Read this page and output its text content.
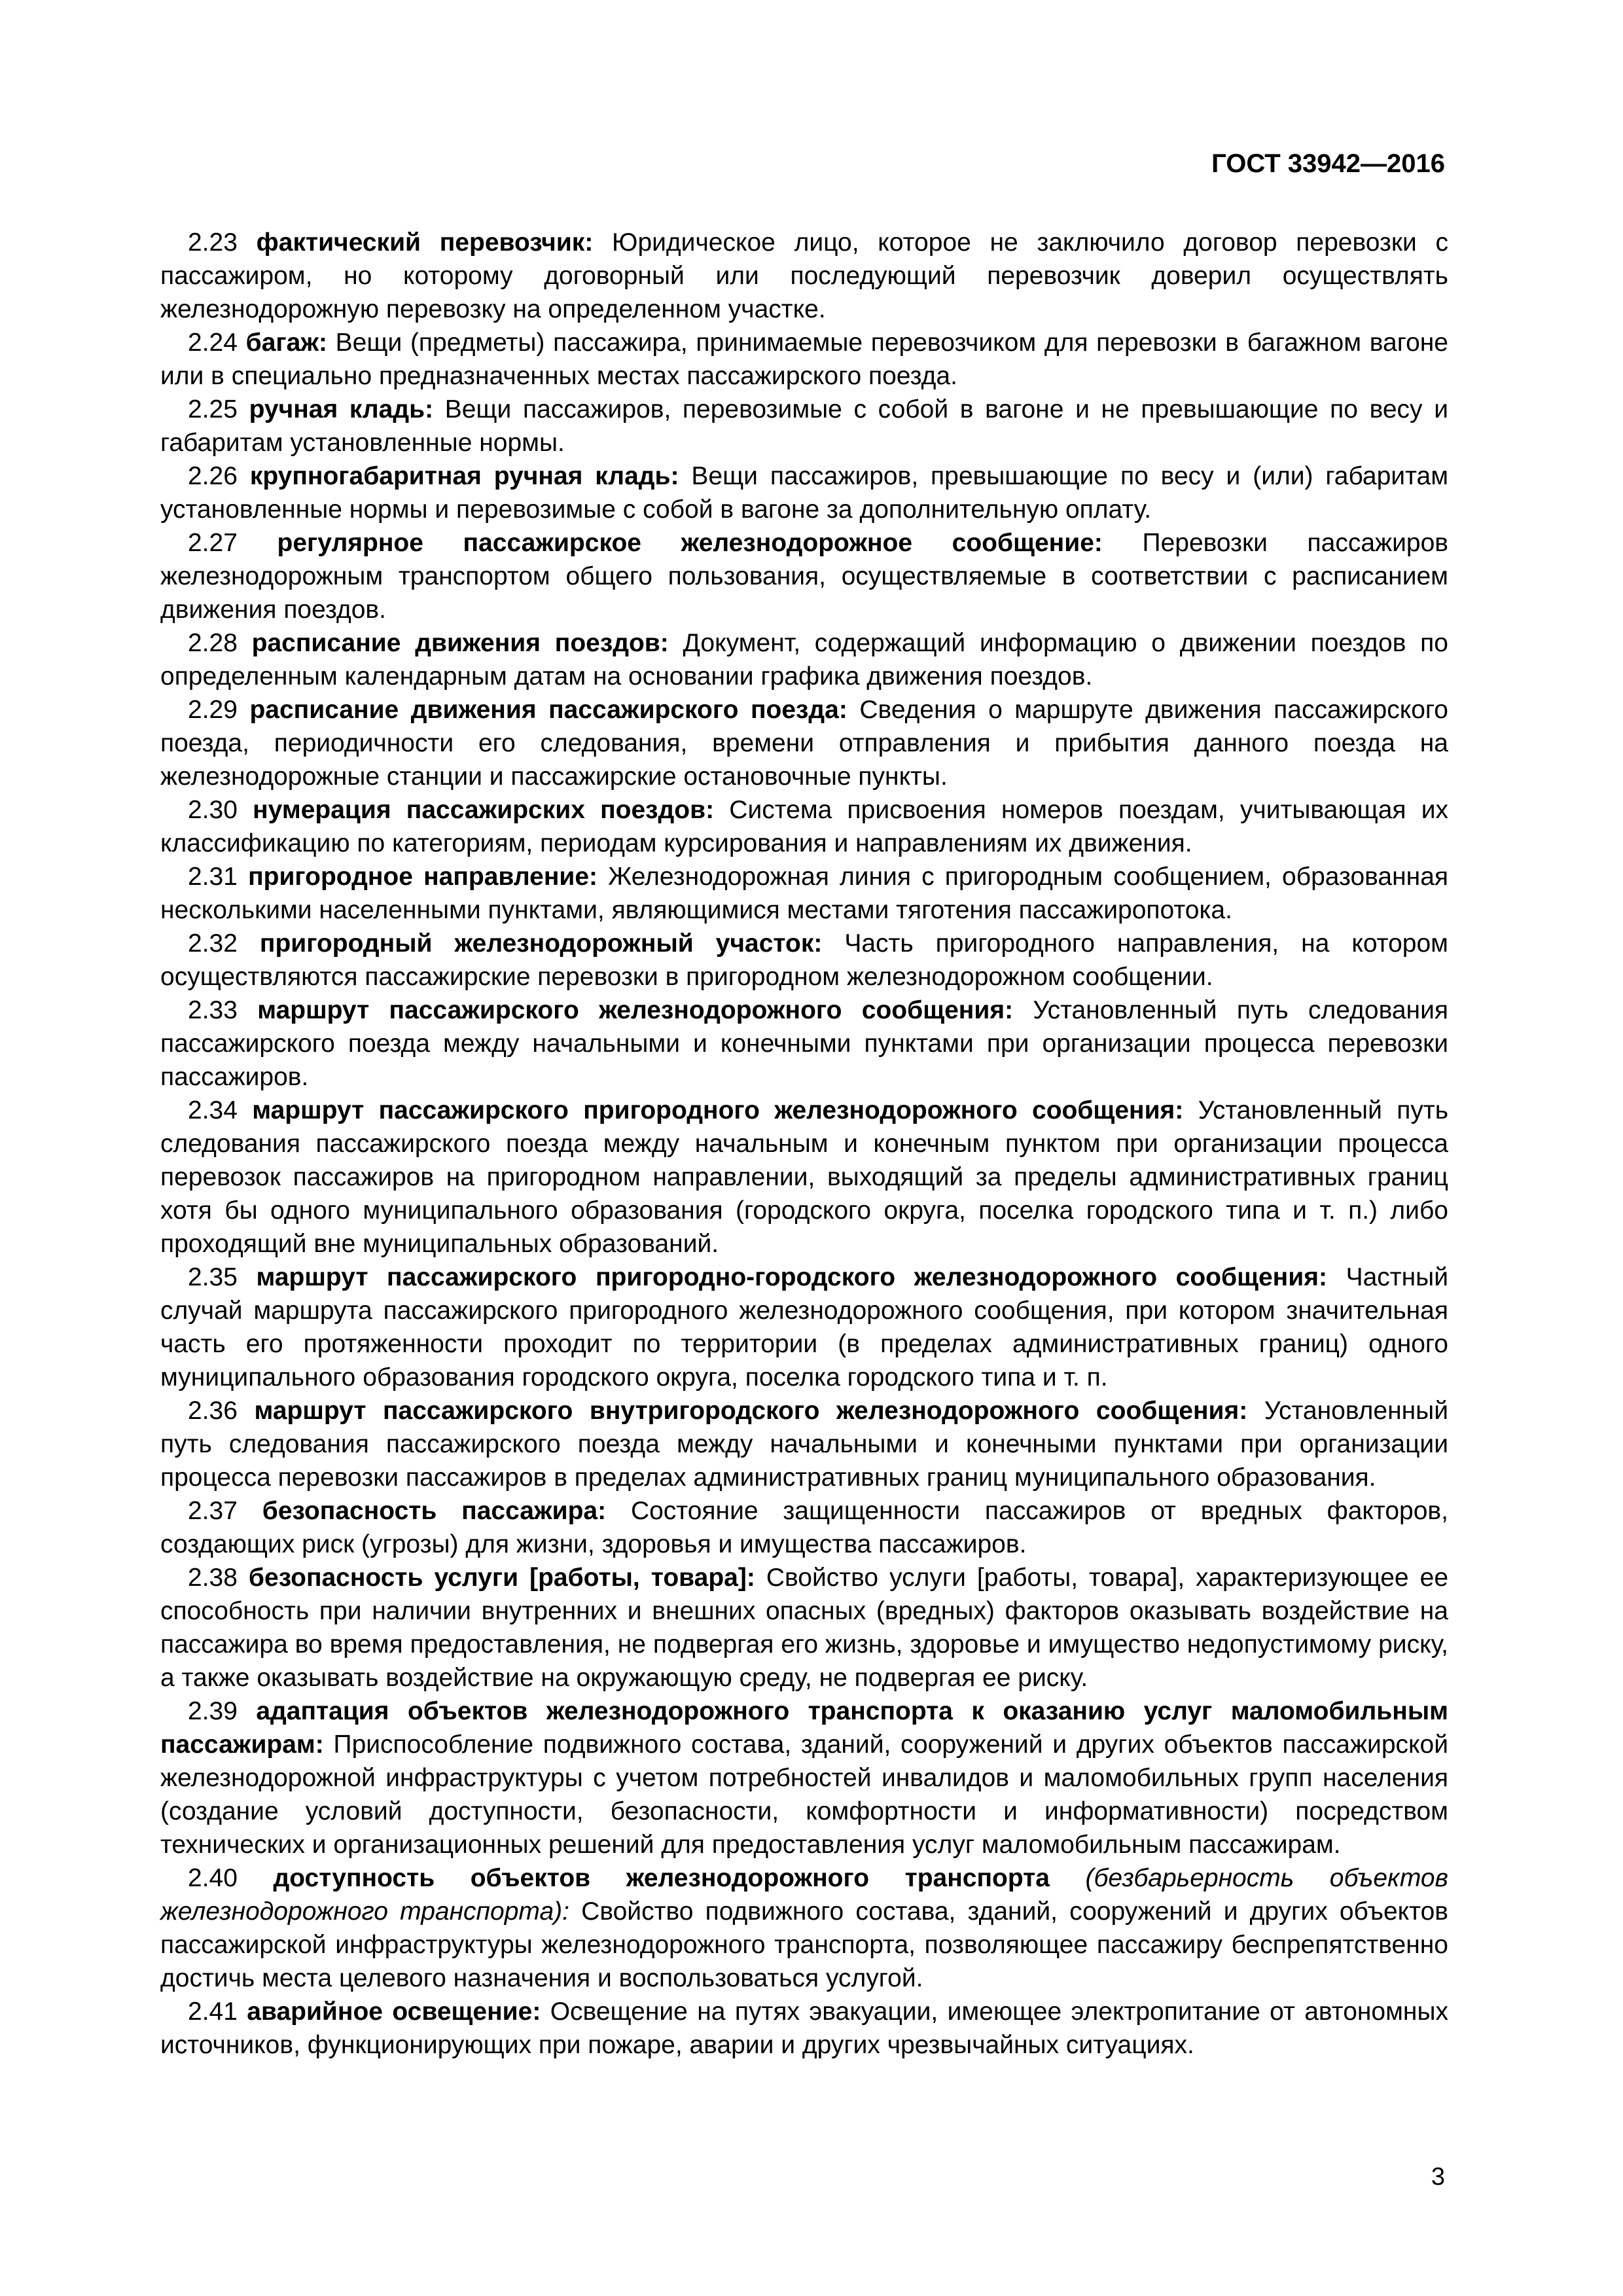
ГОСТ 33942—2016

2.23 фактический перевозчик: Юридическое лицо, которое не заключило договор перевозки с пассажиром, но которому договорный или последующий перевозчик доверил осуществлять железнодорожную перевозку на определенном участке.

2.24 багаж: Вещи (предметы) пассажира, принимаемые перевозчиком для перевозки в багажном вагоне или в специально предназначенных местах пассажирского поезда.

2.25 ручная кладь: Вещи пассажиров, перевозимые с собой в вагоне и не превышающие по весу и габаритам установленные нормы.

2.26 крупногабаритная ручная кладь: Вещи пассажиров, превышающие по весу и (или) габаритам установленные нормы и перевозимые с собой в вагоне за дополнительную оплату.

2.27 регулярное пассажирское железнодорожное сообщение: Перевозки пассажиров железнодорожным транспортом общего пользования, осуществляемые в соответствии с расписанием движения поездов.

2.28 расписание движения поездов: Документ, содержащий информацию о движении поездов по определенным календарным датам на основании графика движения поездов.

2.29 расписание движения пассажирского поезда: Сведения о маршруте движения пассажирского поезда, периодичности его следования, времени отправления и прибытия данного поезда на железнодорожные станции и пассажирские остановочные пункты.

2.30 нумерация пассажирских поездов: Система присвоения номеров поездам, учитывающая их классификацию по категориям, периодам курсирования и направлениям их движения.

2.31 пригородное направление: Железнодорожная линия с пригородным сообщением, образованная несколькими населенными пунктами, являющимися местами тяготения пассажиропотока.

2.32 пригородный железнодорожный участок: Часть пригородного направления, на котором осуществляются пассажирские перевозки в пригородном железнодорожном сообщении.

2.33 маршрут пассажирского железнодорожного сообщения: Установленный путь следования пассажирского поезда между начальными и конечными пунктами при организации процесса перевозки пассажиров.

2.34 маршрут пассажирского пригородного железнодорожного сообщения: Установленный путь следования пассажирского поезда между начальным и конечным пунктом при организации процесса перевозок пассажиров на пригородном направлении, выходящий за пределы административных границ хотя бы одного муниципального образования (городского округа, поселка городского типа и т. п.) либо проходящий вне муниципальных образований.

2.35 маршрут пассажирского пригородно-городского железнодорожного сообщения: Частный случай маршрута пассажирского пригородного железнодорожного сообщения, при котором значительная часть его протяженности проходит по территории (в пределах административных границ) одного муниципального образования городского округа, поселка городского типа и т. п.

2.36 маршрут пассажирского внутригородского железнодорожного сообщения: Установленный путь следования пассажирского поезда между начальными и конечными пунктами при организации процесса перевозки пассажиров в пределах административных границ муниципального образования.

2.37 безопасность пассажира: Состояние защищенности пассажиров от вредных факторов, создающих риск (угрозы) для жизни, здоровья и имущества пассажиров.

2.38 безопасность услуги [работы, товара]: Свойство услуги [работы, товара], характеризующее ее способность при наличии внутренних и внешних опасных (вредных) факторов оказывать воздействие на пассажира во время предоставления, не подвергая его жизнь, здоровье и имущество недопустимому риску, а также оказывать воздействие на окружающую среду, не подвергая ее риску.

2.39 адаптация объектов железнодорожного транспорта к оказанию услуг маломобильным пассажирам: Приспособление подвижного состава, зданий, сооружений и других объектов пассажирской железнодорожной инфраструктуры с учетом потребностей инвалидов и маломобильных групп населения (создание условий доступности, безопасности, комфортности и информативности) посредством технических и организационных решений для предоставления услуг маломобильным пассажирам.

2.40 доступность объектов железнодорожного транспорта (безбарьерность объектов железнодорожного транспорта): Свойство подвижного состава, зданий, сооружений и других объектов пассажирской инфраструктуры железнодорожного транспорта, позволяющее пассажиру беспрепятственно достичь места целевого назначения и воспользоваться услугой.

2.41 аварийное освещение: Освещение на путях эвакуации, имеющее электропитание от автономных источников, функционирующих при пожаре, аварии и других чрезвычайных ситуациях.

3
